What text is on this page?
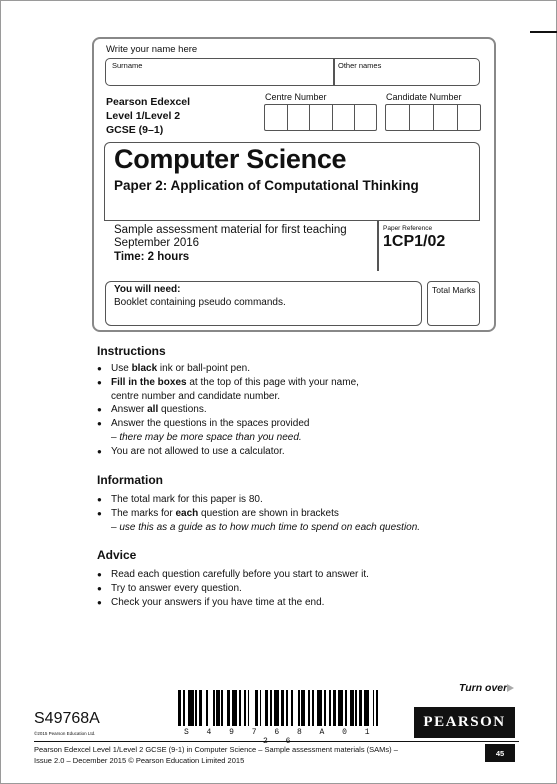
Write your name here
Surname	Other names
Pearson Edexcel
Level 1/Level 2
GCSE (9–1)
Centre Number	Candidate Number
Computer Science
Paper 2: Application of Computational Thinking
Sample assessment material for first teaching
September 2016
Time: 2 hours
Paper Reference
1CP1/02
You will need:
Booklet containing pseudo commands.
Total Marks
Instructions
● Use black ink or ball-point pen.
● Fill in the boxes at the top of this page with your name, centre number and candidate number.
● Answer all questions.
● Answer the questions in the spaces provided
– there may be more space than you need.
● You are not allowed to use a calculator.
Information
● The total mark for this paper is 80.
● The marks for each question are shown in brackets
– use this as a guide as to how much time to spend on each question.
Advice
● Read each question carefully before you start to answer it.
● Try to answer every question.
● Check your answers if you have time at the end.
Turn over
S49768A
©2015 Pearson Education Ltd.	S 4 9 7 6 8 A 0 1
PEARSON
Pearson Edexcel Level 1/Level 2 GCSE (9-1) in Computer Science – Sample assessment materials (SAMs) –
Issue 2.0 – December 2015 © Pearson Education Limited 2015
45
